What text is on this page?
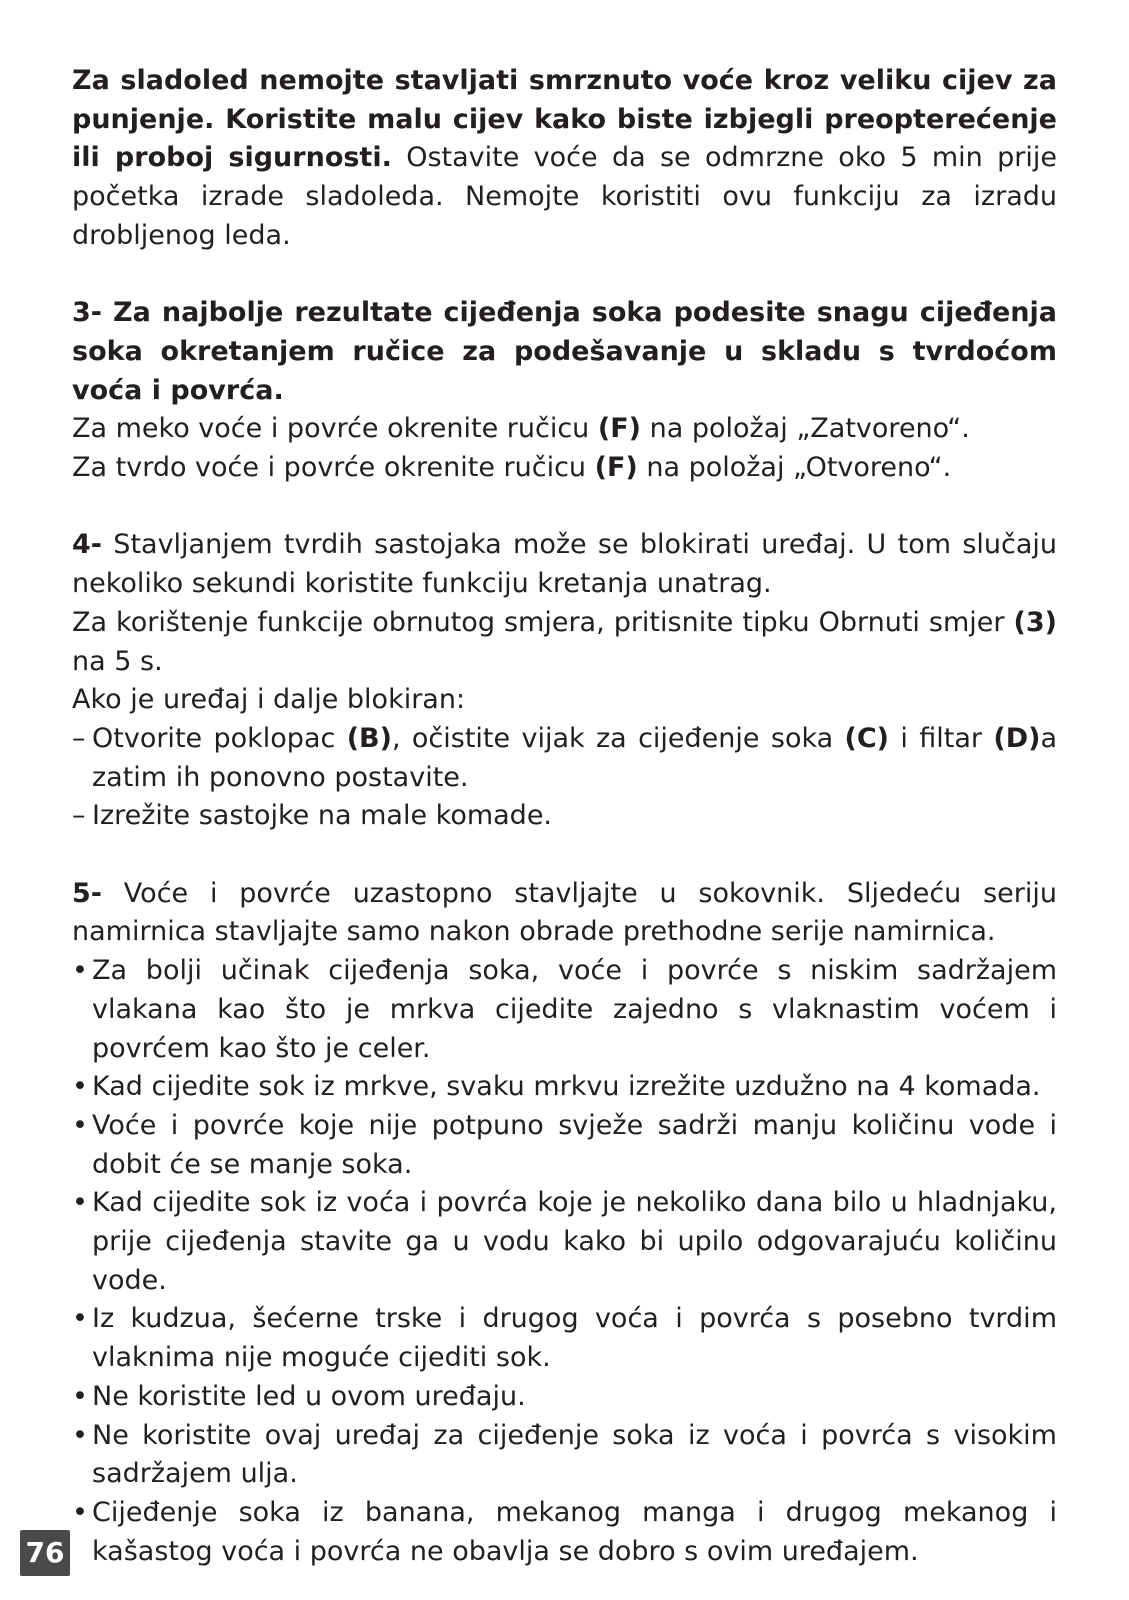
Za sladoled nemojte stavljati smrznuto voće kroz veliku cijev za punjenje. Koristite malu cijev kako biste izbjegli preopterećenje ili proboj sigurnosti. Ostavite voće da se odmrzne oko 5 min prije početka izrade sladoleda. Nemojte koristiti ovu funkciju za izradu drobljenog leda.

3- Za najbolje rezultate cijeđenja soka podesite snagu cijeđenja soka okretanjem ručice za podešavanje u skladu s tvrdoćom voća i povrća.

Za meko voće i povrće okrenite ručicu (F) na položaj „Zatvoreno“.

Za tvrdo voće i povrće okrenite ručicu (F) na položaj „Otvoreno“.

4- Stavljanjem tvrdih sastojaka može se blokirati uređaj. U tom slučaju nekoliko sekundi koristite funkciju kretanja unatrag.

Za korištenje funkcije obrnutog smjera, pritisnite tipku Obrnuti smjer (3) na 5 s.

Ako je uređaj i dalje blokiran:

– Otvorite poklopac (B), očistite vijak za cijeđenje soka (C) i filtar (D)a zatim ih ponovno postavite.
– Izrežite sastojke na male komade.

5- Voće i povrće uzastopno stavljajte u sokovnik. Sljedeću seriju namirnica stavljajte samo nakon obrade prethodne serije namirnica.

• Za bolji učinak cijeđenja soka, voće i povrće s niskim sadržajem vlakana kao što je mrkva cijedite zajedno s vlaknastim voćem i povrćem kao što je celer.
• Kad cijedite sok iz mrkve, svaku mrkvu izrežite uzdužno na 4 komada.
• Voće i povrće koje nije potpuno svježe sadrži manju količinu vode i dobit će se manje soka.
• Kad cijedite sok iz voća i povrća koje je nekoliko dana bilo u hladnjaku, prije cijeđenja stavite ga u vodu kako bi upilo odgovarajuću količinu vode.
• Iz kudzua, šećerne trske i drugog voća i povrća s posebno tvrdim vlaknima nije moguće cijediti sok.
• Ne koristite led u ovom uređaju.
• Ne koristite ovaj uređaj za cijeđenje soka iz voća i povrća s visokim sadržajem ulja.
• Cijeđenje soka iz banana, mekanog manga i drugog mekanog i kašastog voća i povrća ne obavlja se dobro s ovim uređajem.
76
